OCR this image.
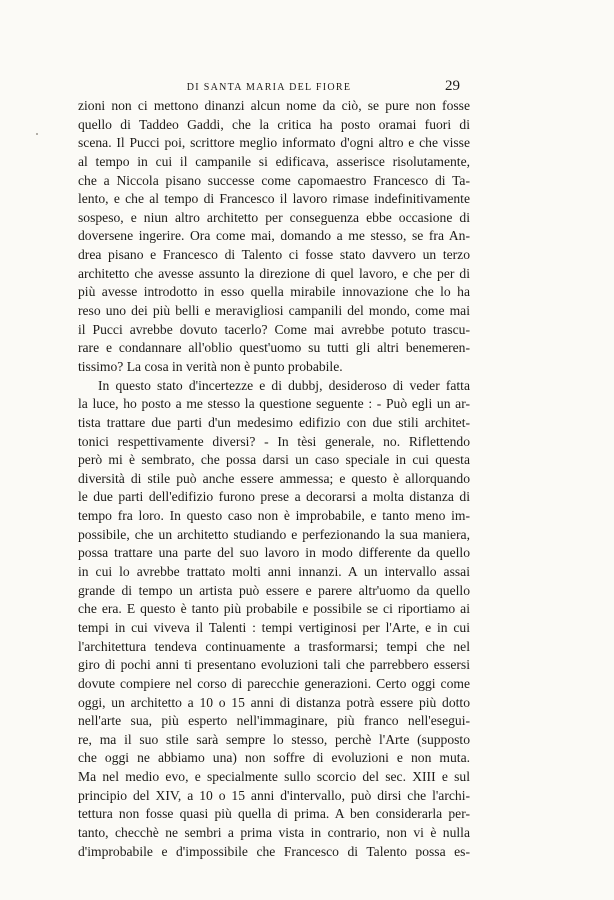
DI SANTA MARIA DEL FIORE	29
zioni non ci mettono dinanzi alcun nome da ciò, se pure non fosse
quello di Taddeo Gaddi, che la critica ha posto oramai fuori di
scena. Il Pucci poi, scrittore meglio informato d'ogni altro e che visse
al tempo in cui il campanile si edificava, asserisce risolutamente,
che a Niccola pisano successe come capomaestro Francesco di Ta-
lento, e che al tempo di Francesco il lavoro rimase indefinitivamente
sospeso, e niun altro architetto per conseguenza ebbe occasione di
doversene ingerire. Ora come mai, domando a me stesso, se fra An-
drea pisano e Francesco di Talento ci fosse stato davvero un terzo
architetto che avesse assunto la direzione di quel lavoro, e che per di
più avesse introdotto in esso quella mirabile innovazione che lo ha
reso uno dei più belli e meravigliosi campanili del mondo, come mai
il Pucci avrebbe dovuto tacerlo? Come mai avrebbe potuto trascu-
rare e condannare all'oblio quest'uomo su tutti gli altri benemeren-
tissimo? La cosa in verità non è punto probabile.
In questo stato d'incertezze e di dubbj, desideroso di veder fatta
la luce, ho posto a me stesso la questione seguente : - Può egli un ar-
tista trattare due parti d'un medesimo edifizio con due stili architet-
tonici respettivamente diversi? - In tèsi generale, no. Riflettendo
però mi è sembrato, che possa darsi un caso speciale in cui questa
diversità di stile può anche essere ammessa; e questo è allorquando
le due parti dell'edifizio furono prese a decorarsi a molta distanza di
tempo fra loro. In questo caso non è improbabile, e tanto meno im-
possibile, che un architetto studiando e perfezionando la sua maniera,
possa trattare una parte del suo lavoro in modo differente da quello
in cui lo avrebbe trattato molti anni innanzi. A un intervallo assai
grande di tempo un artista può essere e parere altr'uomo da quello
che era. E questo è tanto più probabile e possibile se ci riportiamo ai
tempi in cui viveva il Talenti : tempi vertiginosi per l'Arte, e in cui
l'architettura tendeva continuamente a trasformarsi; tempi che nel
giro di pochi anni ti presentano evoluzioni tali che parrebbero essersi
dovute compiere nel corso di parecchie generazioni. Certo oggi come
oggi, un architetto a 10 o 15 anni di distanza potrà essere più dotto
nell'arte sua, più esperto nell'immaginare, più franco nell'esegui-
re, ma il suo stile sarà sempre lo stesso, perchè l'Arte (supposto
che oggi ne abbiamo una) non soffre di evoluzioni e non muta.
Ma nel medio evo, e specialmente sullo scorcio del sec. XIII e sul
principio del XIV, a 10 o 15 anni d'intervallo, può dirsi che l'archi-
tettura non fosse quasi più quella di prima. A ben considerarla per-
tanto, checchè ne sembri a prima vista in contrario, non vi è nulla
d'improbabile e d'impossibile che Francesco di Talento possa es-
